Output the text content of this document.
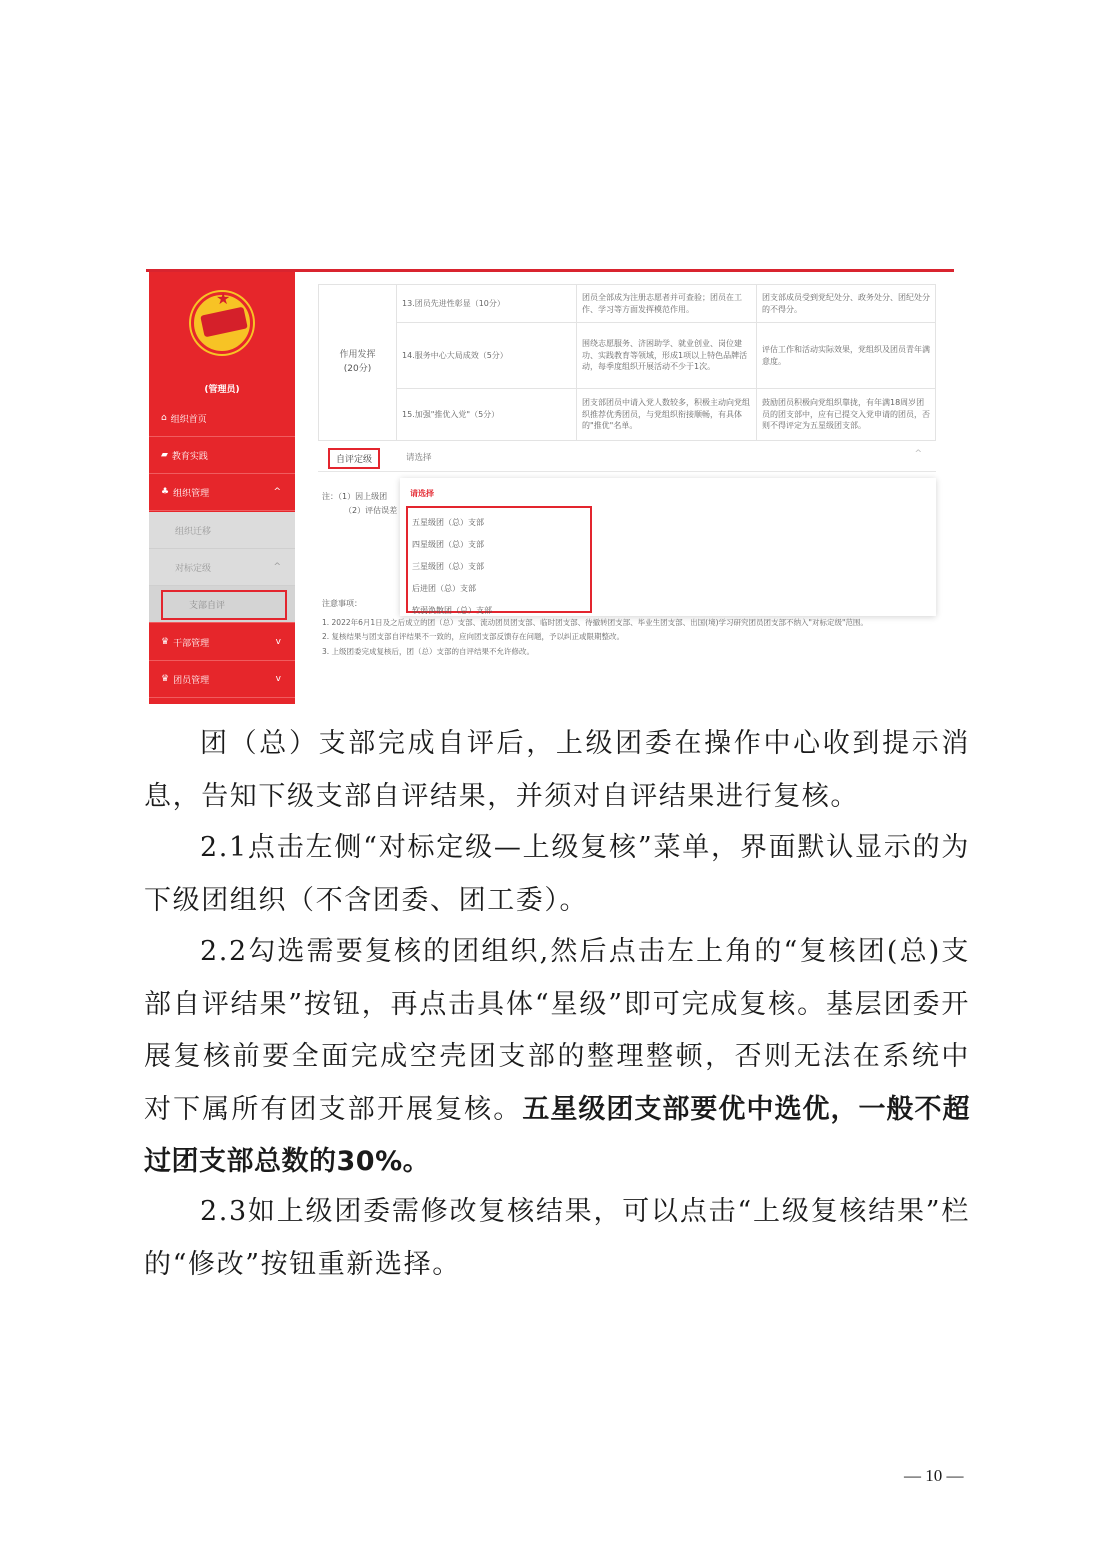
★
(管理员)
⌂ 组织首页
▰ 教育实践
♣ 组织管理	^
组织迁移
对标定级	^
支部自评
♛ 干部管理	v
♛ 团员管理	v
作用发挥
(20分)	13.团员先进性彰显（10分）	团员全部成为注册志愿者并可查验；团员在工作、学习等方面发挥模范作用。	团支部成员受到党纪处分、政务处分、团纪处分的不得分。
	14.服务中心大局成效（5分）	围绕志愿服务、济困助学、就业创业、岗位建功、实践教育等领域，形成1项以上特色品牌活动，每季度组织开展活动不少于1次。	评估工作和活动实际效果，党组织及团员青年满意度。
	15.加强"推优入党"（5分）	团支部团员中请入党人数较多，积极主动向党组织推荐优秀团员，与党组织衔接顺畅，有具体的"推优"名单。	鼓励团员积极向党组织靠拢，有年满18周岁团员的团支部中，应有已提交入党申请的团员，否则不得评定为五星级团支部。
自评定级	请选择	^
注：（1）因上级团
（2）评估误差
请选择
五星级团（总）支部
四星级团（总）支部
三星级团（总）支部
后进团（总）支部
软弱涣散团（总）支部
注意事项：
1. 2022年6月1日及之后成立的团（总）支部、流动团员团支部、临时团支部、待撤转团支部、毕业生团支部、出国(境)学习研究团员团支部不纳入"对标定级"范围。
2. 复核结果与团支部自评结果不一致的，应向团支部反馈存在问题，予以纠正或限期整改。
3. 上级团委完成复核后，团（总）支部的自评结果不允许修改。

团（总）支部完成自评后，上级团委在操作中心收到提示消息，告知下级支部自评结果，并须对自评结果进行复核。

2.1点击左侧“对标定级—上级复核”菜单，界面默认显示的为下级团组织（不含团委、团工委）。

2.2勾选需要复核的团组织,然后点击左上角的“复核团(总)支部自评结果”按钮，再点击具体“星级”即可完成复核。基层团委开展复核前要全面完成空壳团支部的整理整顿，否则无法在系统中对下属所有团支部开展复核。五星级团支部要优中选优，一般不超过团支部总数的30%。

2.3如上级团委需修改复核结果，可以点击“上级复核结果”栏的“修改”按钮重新选择。

— 10 —
